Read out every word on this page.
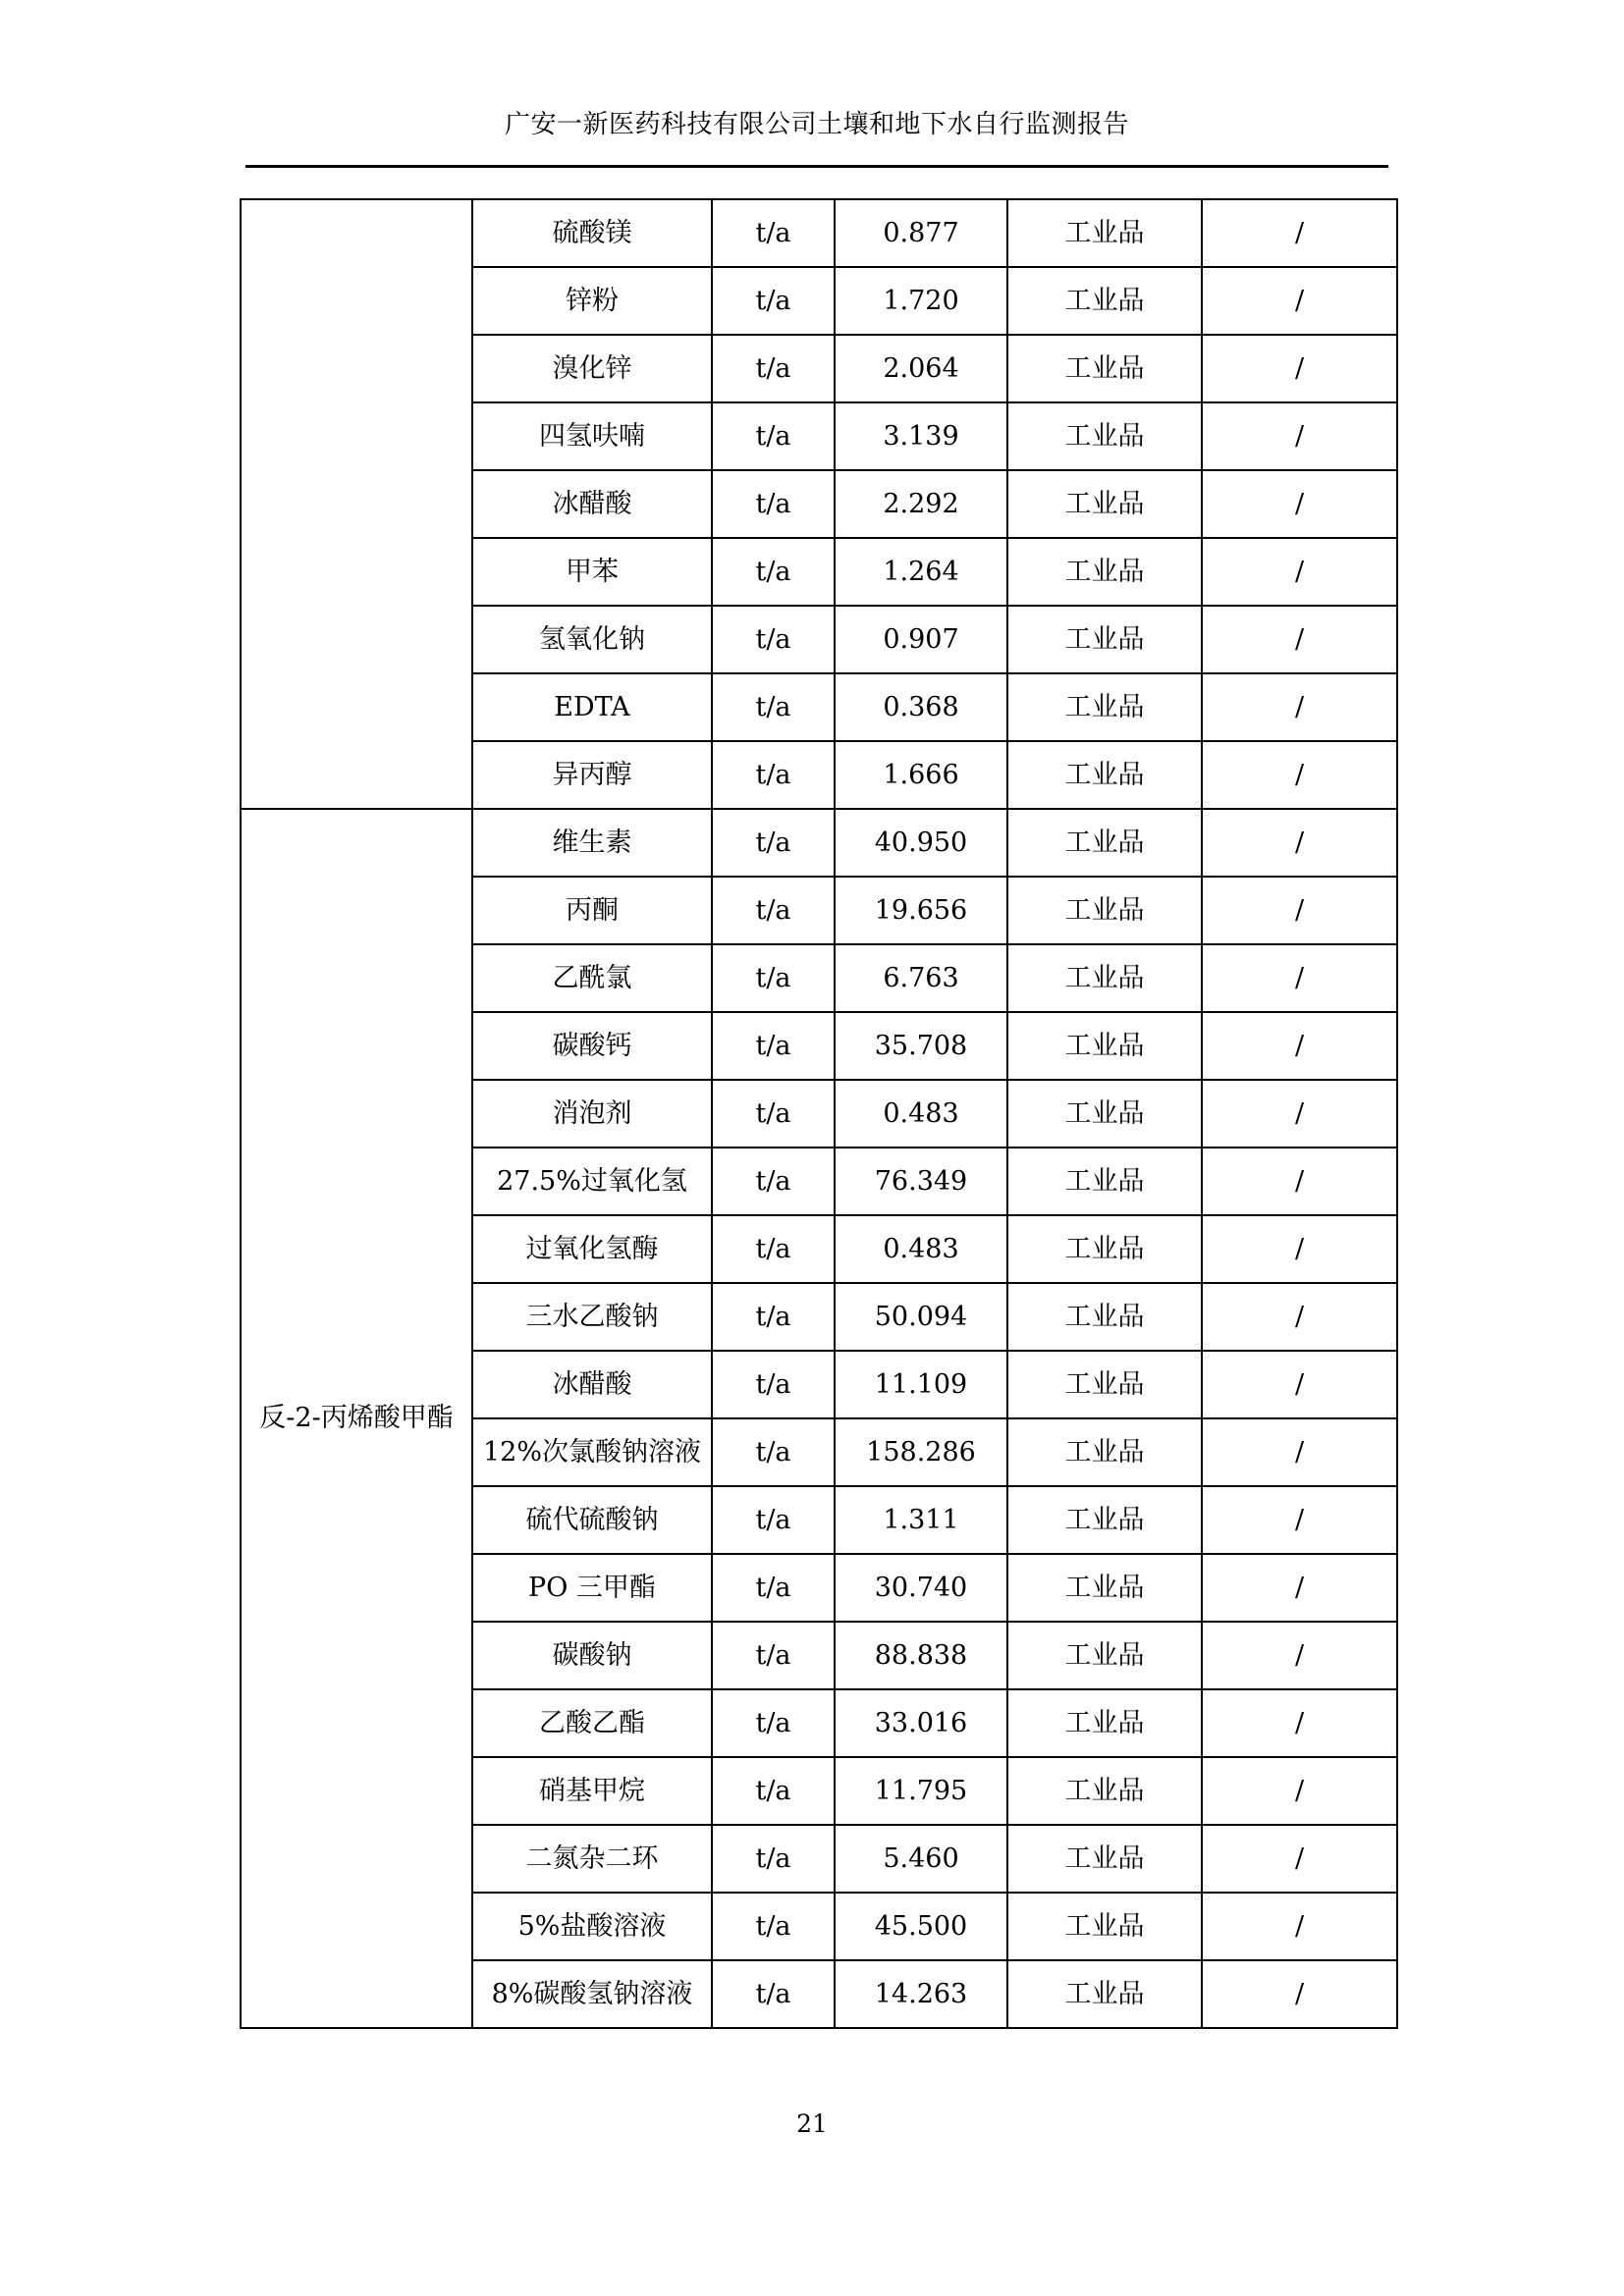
广安一新医药科技有限公司土壤和地下水自行监测报告
	硫酸镁	t/a	0.877	工业品	/
	锌粉	t/a	1.720	工业品	/
	溴化锌	t/a	2.064	工业品	/
	四氢呋喃	t/a	3.139	工业品	/
	冰醋酸	t/a	2.292	工业品	/
	甲苯	t/a	1.264	工业品	/
	氢氧化钠	t/a	0.907	工业品	/
	EDTA	t/a	0.368	工业品	/
	异丙醇	t/a	1.666	工业品	/
反-2-丙烯酸甲酯	维生素	t/a	40.950	工业品	/
	丙酮	t/a	19.656	工业品	/
	乙酰氯	t/a	6.763	工业品	/
	碳酸钙	t/a	35.708	工业品	/
	消泡剂	t/a	0.483	工业品	/
	27.5%过氧化氢	t/a	76.349	工业品	/
	过氧化氢酶	t/a	0.483	工业品	/
	三水乙酸钠	t/a	50.094	工业品	/
	冰醋酸	t/a	11.109	工业品	/
	12%次氯酸钠溶液	t/a	158.286	工业品	/
	硫代硫酸钠	t/a	1.311	工业品	/
	PO 三甲酯	t/a	30.740	工业品	/
	碳酸钠	t/a	88.838	工业品	/
	乙酸乙酯	t/a	33.016	工业品	/
	硝基甲烷	t/a	11.795	工业品	/
	二氮杂二环	t/a	5.460	工业品	/
	5%盐酸溶液	t/a	45.500	工业品	/
	8%碳酸氢钠溶液	t/a	14.263	工业品	/
21
